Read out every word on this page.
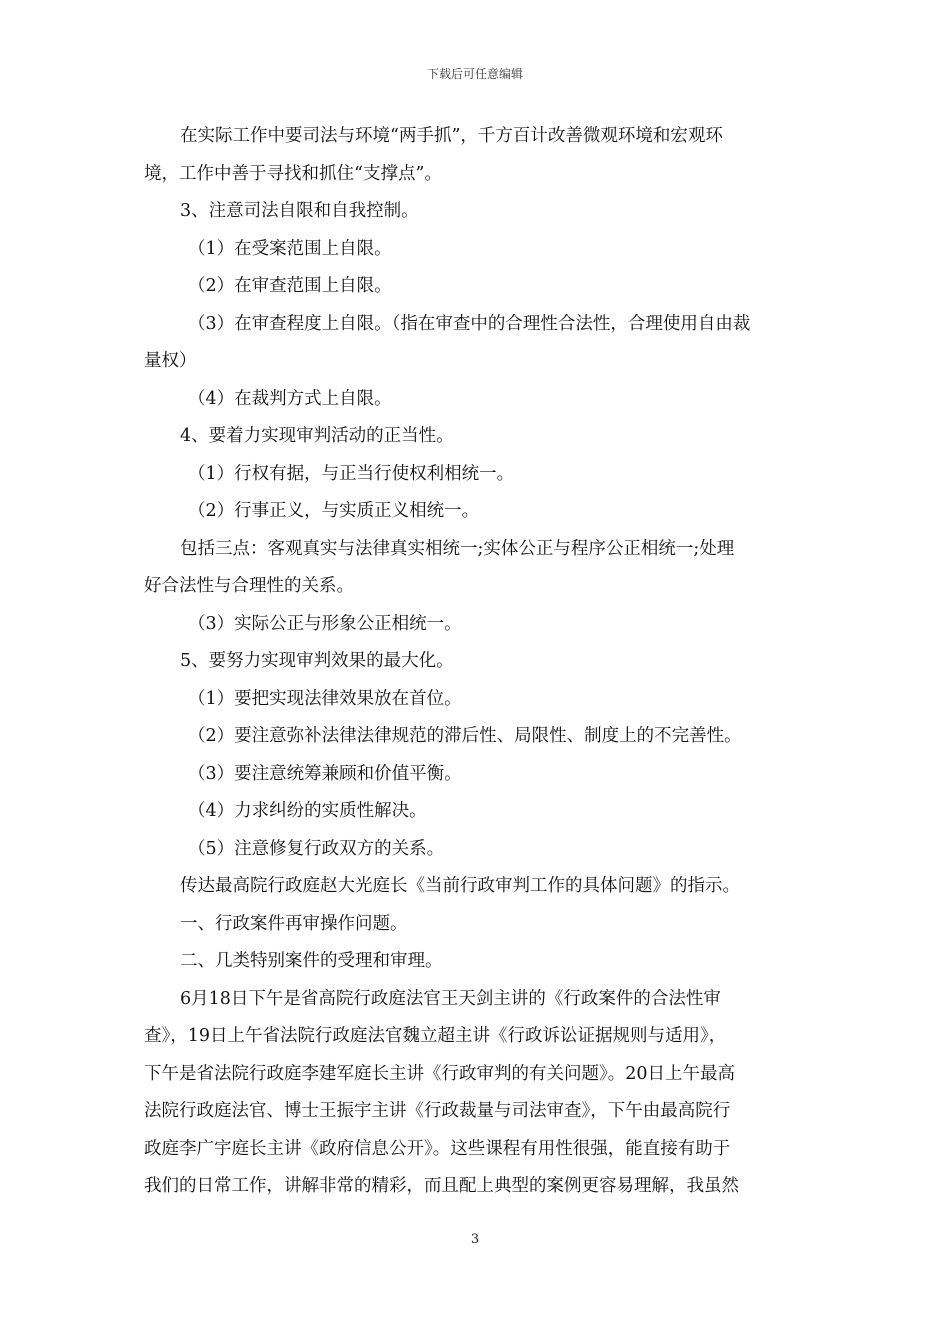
下载后可任意编辑

在实际工作中要司法与环境“两手抓”，千方百计改善微观环境和宏观环

境，工作中善于寻找和抓住“支撑点”。

3、注意司法自限和自我控制。

（1）在受案范围上自限。

（2）在审查范围上自限。

（3）在审查程度上自限。（指在审查中的合理性合法性，合理使用自由裁

量权）

（4）在裁判方式上自限。

4、要着力实现审判活动的正当性。

（1）行权有据，与正当行使权利相统一。

（2）行事正义，与实质正义相统一。

包括三点：客观真实与法律真实相统一;实体公正与程序公正相统一;处理

好合法性与合理性的关系。

（3）实际公正与形象公正相统一。

5、要努力实现审判效果的最大化。

（1）要把实现法律效果放在首位。

（2）要注意弥补法律法律规范的滞后性、局限性、制度上的不完善性。

（3）要注意统筹兼顾和价值平衡。

（4）力求纠纷的实质性解决。

（5）注意修复行政双方的关系。

传达最高院行政庭赵大光庭长《当前行政审判工作的具体问题》的指示。

一、行政案件再审操作问题。

二、几类特别案件的受理和审理。

6月18日下午是省高院行政庭法官王天剑主讲的《行政案件的合法性审

查》，19日上午省法院行政庭法官魏立超主讲《行政诉讼证据规则与适用》，

下午是省法院行政庭李建军庭长主讲《行政审判的有关问题》。20日上午最高

法院行政庭法官、博士王振宇主讲《行政裁量与司法审查》，下午由最高院行

政庭李广宇庭长主讲《政府信息公开》。这些课程有用性很强，能直接有助于

我们的日常工作，讲解非常的精彩，而且配上典型的案例更容易理解，我虽然

3
